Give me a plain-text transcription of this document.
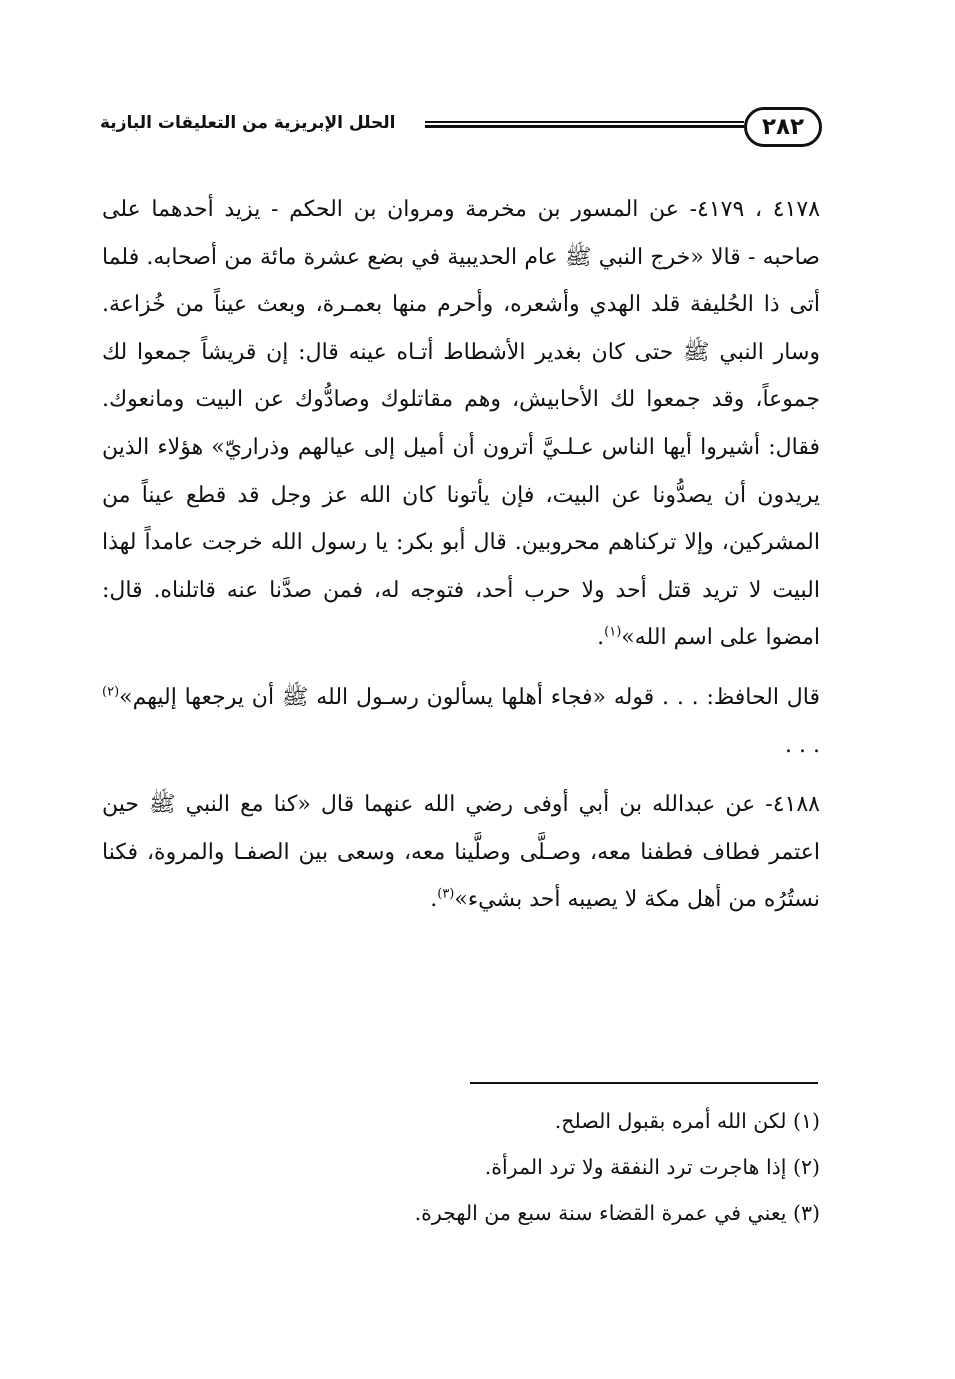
٢٨٢
الحلل الإبريزية من التعليقات البازية

٤١٧٨ ، ٤١٧٩- عن المسور بن مخرمة ومروان بن الحكم - يزيد أحدهما على صاحبه - قالا «خرج النبي ﷺ عام الحديبية في بضع عشرة مائة من أصحابه. فلما أتى ذا الحُليفة قلد الهدي وأشعره، وأحرم منها بعمـرة، وبعث عيناً من خُزاعة. وسار النبي ﷺ حتى كان بغدير الأشطاط أتـاه عينه قال: إن قريشاً جمعوا لك جموعاً، وقد جمعوا لك الأحابيش، وهم مقاتلوك وصادُّوك عن البيت ومانعوك. فقال: أشيروا أيها الناس عـلـيَّ أترون أن أميل إلى عيالهم وذراريّ» هؤلاء الذين يريدون أن يصدُّونا عن البيت، فإن يأتونا كان الله عز وجل قد قطع عيناً من المشركين، وإلا تركناهم محروبين. قال أبو بكر: يا رسول الله خرجت عامداً لهذا البيت لا تريد قتل أحد ولا حرب أحد، فتوجه له، فمن صدَّنا عنه قاتلناه. قال: امضوا على اسم الله»$^{(١)}$.

قال الحافظ: . . . قوله «فجاء أهلها يسألون رسـول الله ﷺ أن يرجعها إليهم»$^{(٢)}$ . . .

٤١٨٨- عن عبدالله بن أبي أوفى رضي الله عنهما قال «كنا مع النبي ﷺ حين اعتمر فطاف فطفنا معه، وصـلَّى وصلَّينا معه، وسعى بين الصفـا والمروة، فكنا نستُرُه من أهل مكة لا يصيبه أحد بشيء»$^{(٣)}$.

(١) لكن الله أمره بقبول الصلح.
(٢) إذا هاجرت ترد النفقة ولا ترد المرأة.
(٣) يعني في عمرة القضاء سنة سبع من الهجرة.
